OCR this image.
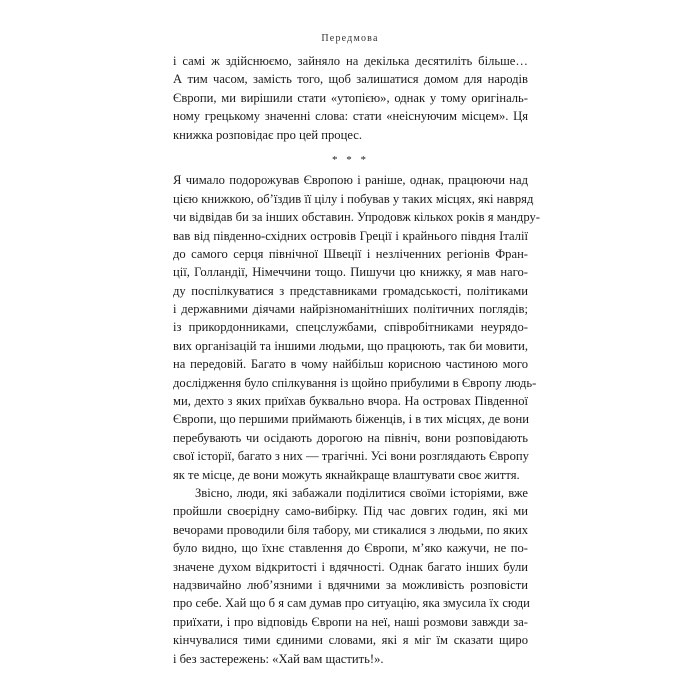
Передмова
і самі ж здійснюємо, зайняло на декілька десятиліть більше…
А тим часом, замість того, щоб залишатися домом для народів
Європи, ми вирішили стати «утопією», однак у тому оригіналь-
ному грецькому значенні слова: стати «неіснуючим місцем». Ця
книжка розповідає про цей процес.
* * *
Я чимало подорожував Європою і раніше, однак, працюючи над
цією книжкою, об’їздив її цілу і побував у таких місцях, які навряд
чи відвідав би за інших обставин. Упродовж кількох років я мандру-
вав від південно-східних островів Греції і крайнього півдня Італії
до самого серця північної Швеції і незліченних регіонів Фран-
ції, Голландії, Німеччини тощо. Пишучи цю книжку, я мав наго-
ду поспілкуватися з представниками громадськості, політиками
і державними діячами найрізноманітніших політичних поглядів;
із прикордонниками, спецслужбами, співробітниками неурядо-
вих організацій та іншими людьми, що працюють, так би мовити,
на передовій. Багато в чому найбільш корисною частиною мого
дослідження було спілкування із щойно прибулими в Європу людь-
ми, дехто з яких приїхав буквально вчора. На островах Південної
Європи, що першими приймають біженців, і в тих місцях, де вони
перебувають чи осідають дорогою на північ, вони розповідають
свої історії, багато з них — трагічні. Усі вони розглядають Європу
як те місце, де вони можуть якнайкраще влаштувати своє життя.
Звісно, люди, які забажали поділитися своїми історіями, вже
пройшли своєрідну само-вибірку. Під час довгих годин, які ми
вечорами проводили біля табору, ми стикалися з людьми, по яких
було видно, що їхнє ставлення до Європи, м’яко кажучи, не по-
значене духом відкритості і вдячності. Однак багато інших були
надзвичайно люб’язними і вдячними за можливість розповісти
про себе. Хай що б я сам думав про ситуацію, яка змусила їх сюди
приїхати, і про відповідь Європи на неї, наші розмови завжди за-
кінчувалися тими єдиними словами, які я міг їм сказати щиро
і без застережень: «Хай вам щастить!».
